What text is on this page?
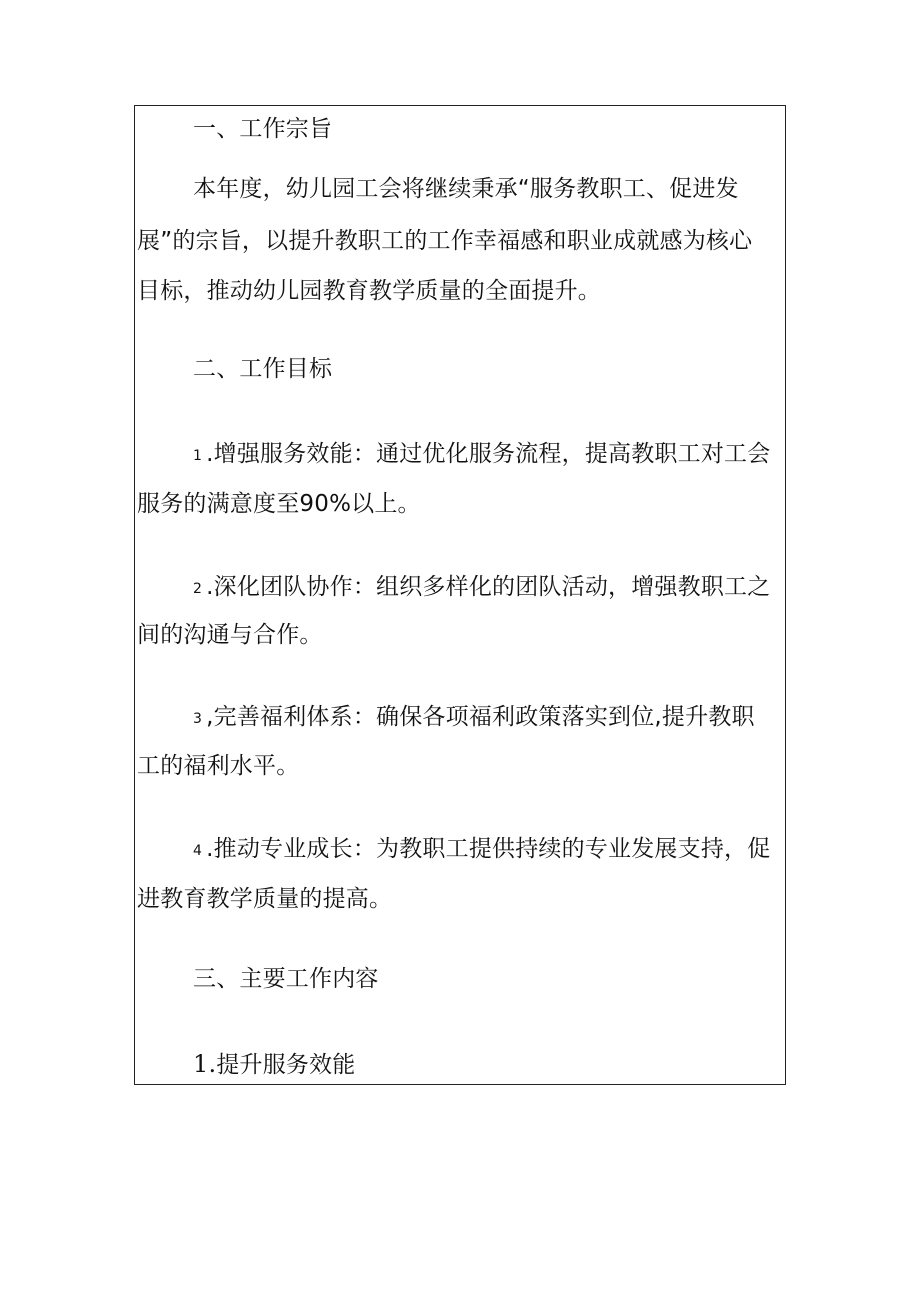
一、工作宗旨
本年度，幼儿园工会将继续秉承“服务教职工、促进发
展”的宗旨，以提升教职工的工作幸福感和职业成就感为核心
目标，推动幼儿园教育教学质量的全面提升。
二、工作目标
1 .增强服务效能：通过优化服务流程，提高教职工对工会
服务的满意度至90%以上。
2 .深化团队协作：组织多样化的团队活动，增强教职工之
间的沟通与合作。
3 ,完善福利体系：确保各项福利政策落实到位,提升教职
工的福利水平。
4 .推动专业成长：为教职工提供持续的专业发展支持，促
进教育教学质量的提高。
三、主要工作内容
1.提升服务效能
